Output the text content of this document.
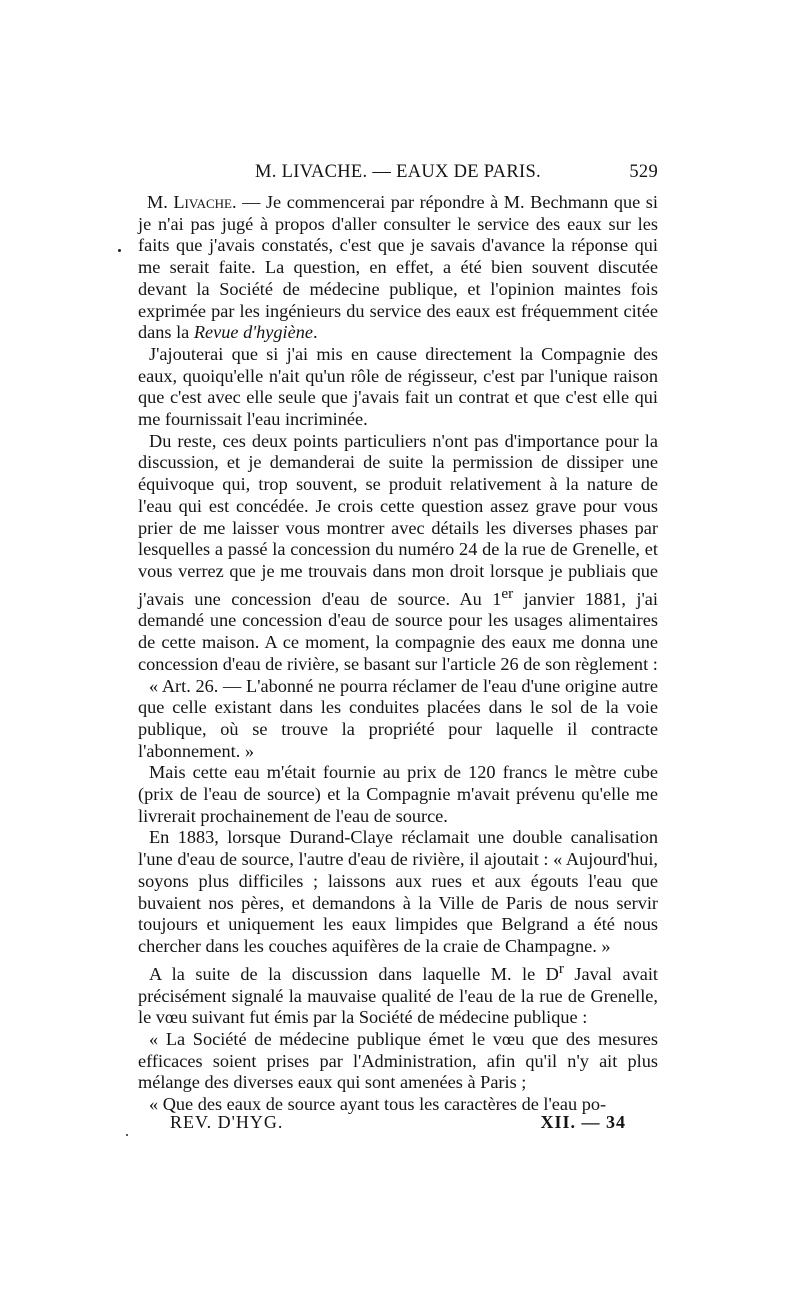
M. LIVACHE. — EAUX DE PARIS.	529

M. Livache. — Je commencerai par répondre à M. Bechmann que si je n'ai pas jugé à propos d'aller consulter le service des eaux sur les faits que j'avais constatés, c'est que je savais d'avance la réponse qui me serait faite. La question, en effet, a été bien souvent discutée devant la Société de médecine publique, et l'opinion maintes fois exprimée par les ingénieurs du service des eaux est fréquemment citée dans la Revue d'hygiène.

J'ajouterai que si j'ai mis en cause directement la Compagnie des eaux, quoiqu'elle n'ait qu'un rôle de régisseur, c'est par l'unique raison que c'est avec elle seule que j'avais fait un contrat et que c'est elle qui me fournissait l'eau incriminée.

Du reste, ces deux points particuliers n'ont pas d'importance pour la discussion, et je demanderai de suite la permission de dissiper une équivoque qui, trop souvent, se produit relativement à la nature de l'eau qui est concédée. Je crois cette question assez grave pour vous prier de me laisser vous montrer avec détails les diverses phases par lesquelles a passé la concession du numéro 24 de la rue de Grenelle, et vous verrez que je me trouvais dans mon droit lorsque je publiais que j'avais une concession d'eau de source. Au 1er janvier 1881, j'ai demandé une concession d'eau de source pour les usages alimentaires de cette maison. A ce moment, la compagnie des eaux me donna une concession d'eau de rivière, se basant sur l'article 26 de son règlement :

« Art. 26. — L'abonné ne pourra réclamer de l'eau d'une origine autre que celle existant dans les conduites placées dans le sol de la voie publique, où se trouve la propriété pour laquelle il contracte l'abonnement. »

Mais cette eau m'était fournie au prix de 120 francs le mètre cube (prix de l'eau de source) et la Compagnie m'avait prévenu qu'elle me livrerait prochainement de l'eau de source.

En 1883, lorsque Durand-Claye réclamait une double canalisation l'une d'eau de source, l'autre d'eau de rivière, il ajoutait : « Aujourd'hui, soyons plus difficiles ; laissons aux rues et aux égouts l'eau que buvaient nos pères, et demandons à la Ville de Paris de nous servir toujours et uniquement les eaux limpides que Belgrand a été nous chercher dans les couches aquifères de la craie de Champagne. »

A la suite de la discussion dans laquelle M. le $D^r$ Javal avait précisément signalé la mauvaise qualité de l'eau de la rue de Grenelle, le vœu suivant fut émis par la Société de médecine publique :

« La Société de médecine publique émet le vœu que des mesures efficaces soient prises par l'Administration, afin qu'il n'y ait plus mélange des diverses eaux qui sont amenées à Paris ;

« Que des eaux de source ayant tous les caractères de l'eau po-

REV. D'HYG.	XII. — 34
